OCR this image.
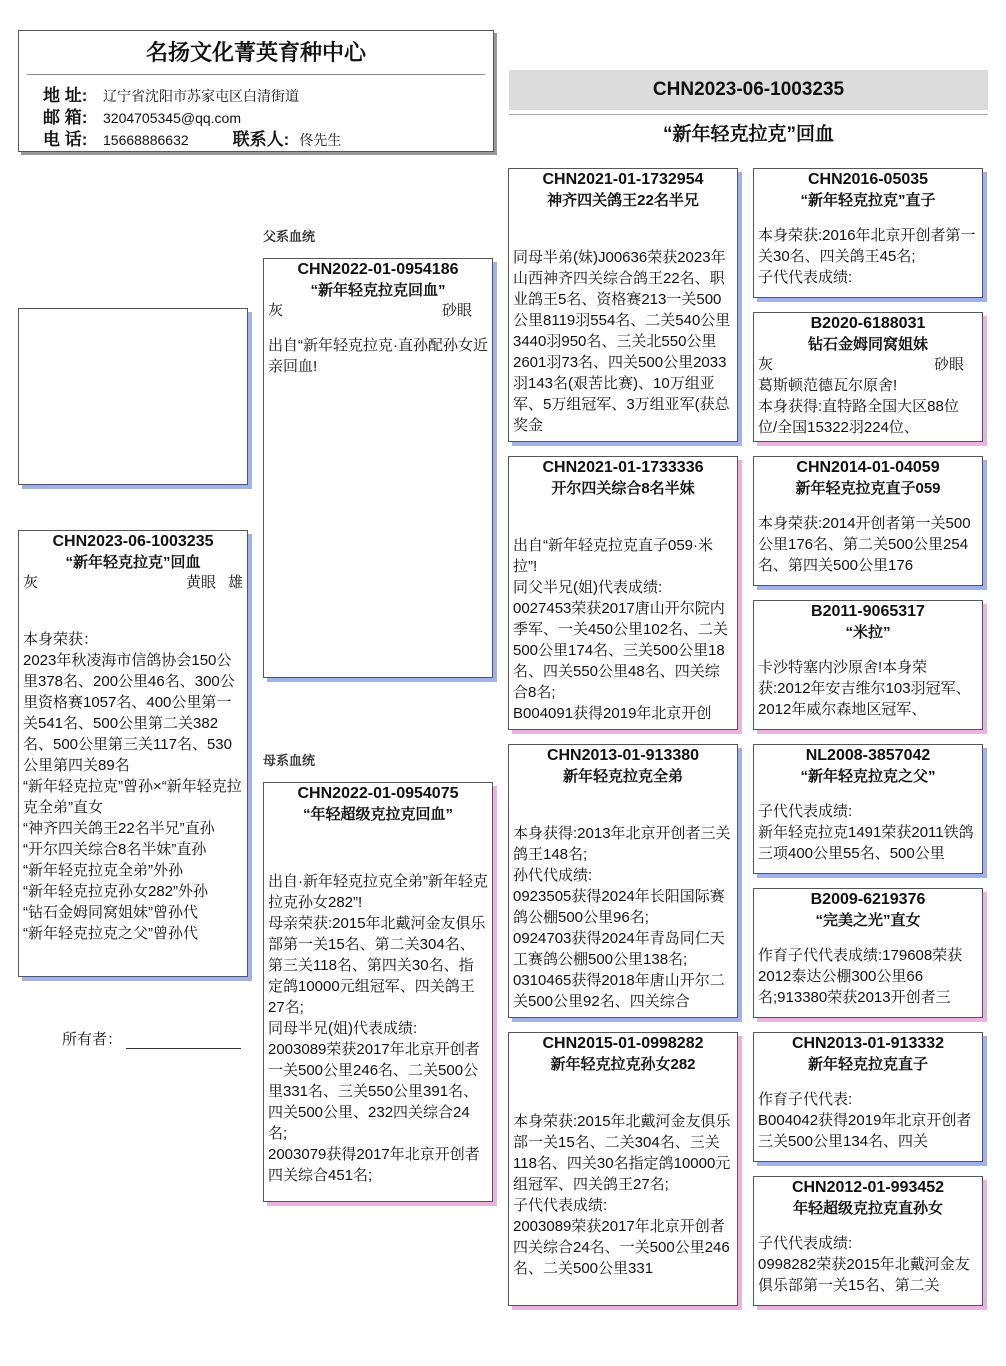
名扬文化菁英育种中心
地 址:	辽宁省沈阳市苏家屯区白清街道
邮 箱:	3204705345@qq.com
电 话:	15668886632	联系人: 佟先生
CHN2023-06-1003235
“新年轻克拉克”回血
CHN2023-06-1003235
“新年轻克拉克”回血
灰	黄眼 雄
本身荣获：
2023年秋凌海市信鸽协会150公里378名、200公里46名、300公里资格赛1057名、400公里第一关541名、500公里第二关382名、500公里第三关117名、530公里第四关89名
“新年轻克拉克”曾孙×“新年轻克拉克全弟”直女
“神齐四关鸽王22名半兄”直孙
“开尔四关综合8名半妹”直孙
“新年轻克拉克全弟”外孙
“新年轻克拉克孙女282”外孙
“钻石金姆同窝姐妹”曾孙代
“新年轻克拉克之父”曾孙代
所有者：
父系血统
母系血统
CHN2022-01-0954186
“新年轻克拉克回血”
灰	砂眼
出自“新年轻克拉克·直孙配孙女近亲回血!
CHN2022-01-0954075
“年轻超级克拉克回血”
出自·新年轻克拉克全弟”新年轻克拉克孙女282”!
母亲荣获:2015年北戴河金友俱乐部第一关15名、第二关304名、第三关118名、第四关30名、指定鸽10000元组冠军、四关鸽王27名;
同母半兄(姐)代表成绩:
2003089荣获2017年北京开创者一关500公里246名、二关500公里331名、三关550公里391名、四关500公里、232四关综合24名;
2003079获得2017年北京开创者四关综合451名;
CHN2021-01-1732954
神齐四关鸽王22名半兄
同母半弟(妹)J00636荣获2023年山西神齐四关综合鸽王22名、职业鸽王5名、资格赛213一关500公里8119羽554名、二关540公里3440羽950名、三关北550公里2601羽73名、四关500公里2033羽143名(艰苦比赛)、10万组亚军、5万组冠军、3万组亚军(获总奖金
CHN2021-01-1733336
开尔四关综合8名半妹
出自“新年轻克拉克直子059·米拉”!
同父半兄(姐)代表成绩:
0027453荣获2017唐山开尔院内季军、一关450公里102名、二关500公里174名、三关500公里18名、四关550公里48名、四关综合8名;
B004091获得2019年北京开创
CHN2013-01-913380
新年轻克拉克全弟
本身获得:2013年北京开创者三关鸽王148名;
孙代代成绩:
0923505获得2024年长阳国际赛鸽公棚500公里96名;
0924703获得2024年青岛同仁天工赛鸽公棚500公里138名;
0310465获得2018年唐山开尔二关500公里92名、四关综合
CHN2015-01-0998282
新年轻克拉克孙女282
本身荣获:2015年北戴河金友俱乐部一关15名、二关304名、三关118名、四关30名指定鸽10000元组冠军、四关鸽王27名;
子代代表成绩:
2003089荣获2017年北京开创者四关综合24名、一关500公里246名、二关500公里331
CHN2016-05035
“新年轻克拉克”直子
本身荣获:2016年北京开创者第一关30名、四关鸽王45名;
子代代表成绩:
B2020-6188031
钻石金姆同窝姐妹
灰	砂眼
葛斯顿范德瓦尔原舍!
本身获得:直特路全国大区88位位/全国15322羽224位、
CHN2014-01-04059
新年轻克拉克直子059
本身荣获:2014开创者第一关500公里176名、第二关500公里254名、第四关500公里176
B2011-9065317
“米拉”
卡沙特塞内沙原舍!本身荣获:2012年安吉维尔103羽冠军、2012年威尔森地区冠军、
NL2008-3857042
“新年轻克拉克之父”
子代代表成绩:
新年轻克拉克1491荣获2011铁鸽三项400公里55名、500公里
B2009-6219376
“完美之光”直女
作育子代代表成绩:179608荣获2012泰达公棚300公里66名;913380荣获2013开创者三
CHN2013-01-913332
新年轻克拉克直子
作育子代代表:
B004042获得2019年北京开创者三关500公里134名、四关
CHN2012-01-993452
年轻超级克拉克直孙女
子代代表成绩:
0998282荣获2015年北戴河金友俱乐部第一关15名、第二关
